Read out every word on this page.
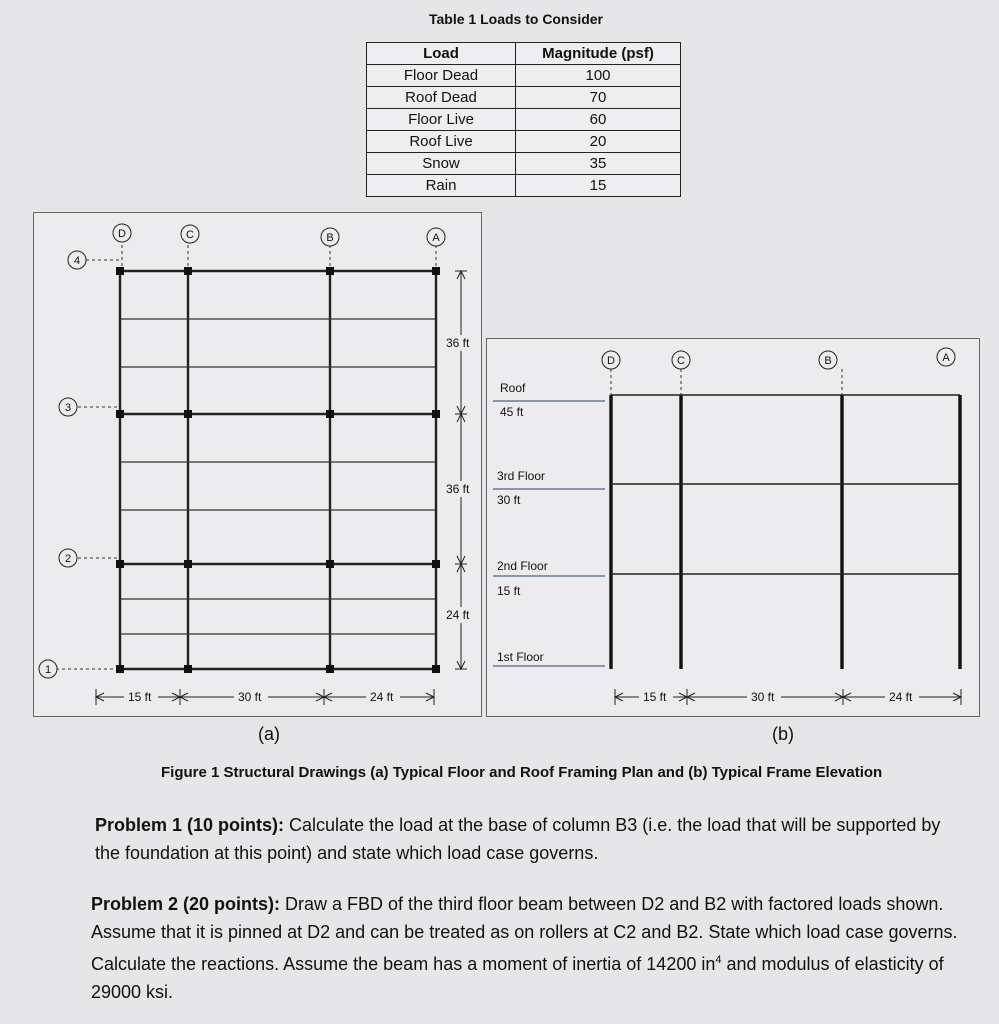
Table 1 Loads to Consider
Load	Magnitude (psf)
Floor Dead	100
Roof Dead	70
Floor Live	60
Roof Live	20
Snow	35
Rain	15
D	C	B	A
4
3
2
1
36 ft
36 ft
24 ft
15 ft	30 ft	24 ft
Roof
45 ft
3rd Floor
30 ft
2nd Floor
15 ft
1st Floor
D	C	B	A
15 ft	30 ft	24 ft
(a)	(b)
Figure 1 Structural Drawings (a) Typical Floor and Roof Framing Plan and (b) Typical Frame Elevation
Problem 1 (10 points): Calculate the load at the base of column B3 (i.e. the load that will be supported by the foundation at this point) and state which load case governs.
Problem 2 (20 points): Draw a FBD of the third floor beam between D2 and B2 with factored loads shown. Assume that it is pinned at D2 and can be treated as on rollers at C2 and B2. State which load case governs. Calculate the reactions. Assume the beam has a moment of inertia of 14200 $in^4$ and modulus of elasticity of 29000 ksi.
